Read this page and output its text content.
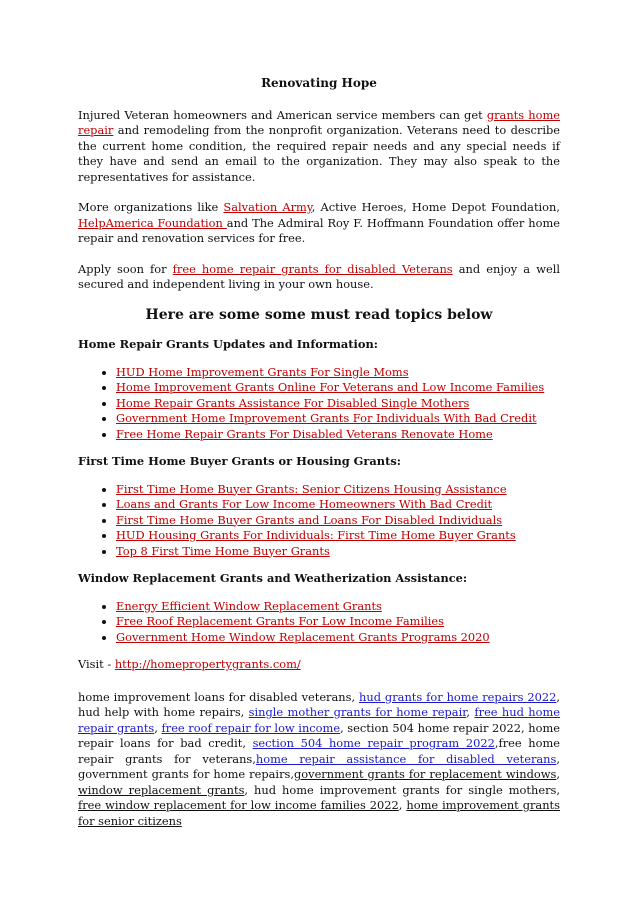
Renovating Hope

Injured Veteran homeowners and American service members can get grants home repair and remodeling from the nonprofit organization. Veterans need to describe the current home condition, the required repair needs and any special needs if they have and send an email to the organization. They may also speak to the representatives for assistance.

More organizations like Salvation Army, Active Heroes, Home Depot Foundation, HelpAmerica Foundation and The Admiral Roy F. Hoffmann Foundation offer home repair and renovation services for free.

Apply soon for free home repair grants for disabled Veterans and enjoy a well secured and independent living in your own house.

Here are some some must read topics below
Home Repair Grants Updates and Information:
• HUD Home Improvement Grants For Single Moms
• Home Improvement Grants Online For Veterans and Low Income Families
• Home Repair Grants Assistance For Disabled Single Mothers
• Government Home Improvement Grants For Individuals With Bad Credit
• Free Home Repair Grants For Disabled Veterans Renovate Home
First Time Home Buyer Grants or Housing Grants:
• First Time Home Buyer Grants: Senior Citizens Housing Assistance
• Loans and Grants For Low Income Homeowners With Bad Credit
• First Time Home Buyer Grants and Loans For Disabled Individuals
• HUD Housing Grants For Individuals: First Time Home Buyer Grants
• Top 8 First Time Home Buyer Grants
Window Replacement Grants and Weatherization Assistance:
• Energy Efficient Window Replacement Grants
• Free Roof Replacement Grants For Low Income Families
• Government Home Window Replacement Grants Programs 2020
Visit - http://homepropertygrants.com/

home improvement loans for disabled veterans, hud grants for home repairs 2022, hud help with home repairs, single mother grants for home repair, free hud home repair grants, free roof repair for low income, section 504 home repair 2022, home repair loans for bad credit, section 504 home repair program 2022,free home repair grants for veterans,home repair assistance for disabled veterans, government grants for home repairs,government grants for replacement windows, window replacement grants, hud home improvement grants for single mothers, free window replacement for low income families 2022, home improvement grants for senior citizens
